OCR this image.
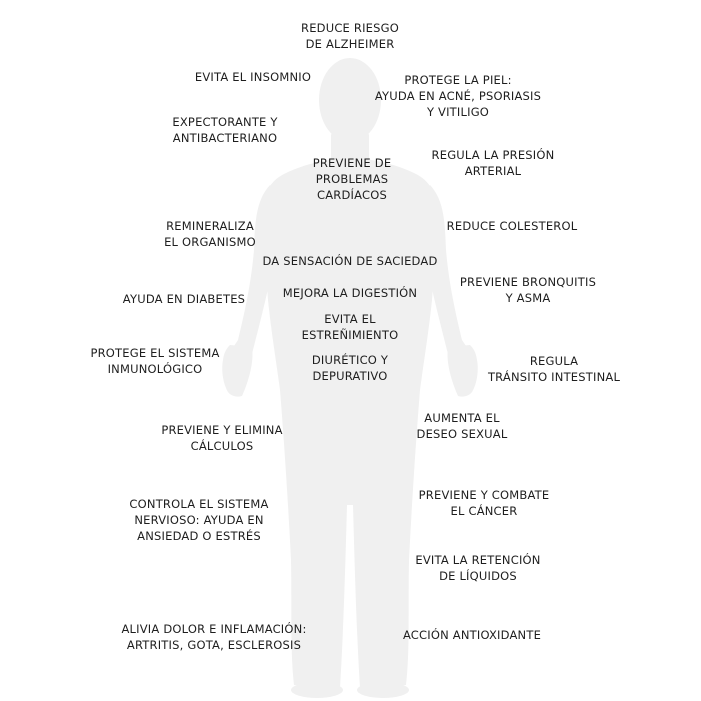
REDUCE RIESGO
DE ALZHEIMER
EVITA EL INSOMNIO	PROTEGE LA PIEL:
AYUDA EN ACNÉ, PSORIASIS
Y VITILIGO
EXPECTORANTE Y
ANTIBACTERIANO
PREVIENE DE
PROBLEMAS
CARDÍACOS
REGULA LA PRESIÓN
ARTERIAL
REMINERALIZA
EL ORGANISMO
REDUCE COLESTEROL
DA SENSACIÓN DE SACIEDAD
PREVIENE BRONQUITIS
Y ASMA
AYUDA EN DIABETES	MEJORA LA DIGESTIÓN
EVITA EL
ESTREÑIMIENTO
PROTEGE EL SISTEMA
INMUNOLÓGICO
DIURÉTICO Y
DEPURATIVO
REGULA
TRÁNSITO INTESTINAL
AUMENTA EL
DESEO SEXUAL
PREVIENE Y ELIMINA
CÁLCULOS
CONTROLA EL SISTEMA
NERVIOSO: AYUDA EN
ANSIEDAD O ESTRÉS
PREVIENE Y COMBATE
EL CÁNCER
EVITA LA RETENCIÓN
DE LÍQUIDOS
ALIVIA DOLOR E INFLAMACIÓN:
ARTRITIS, GOTA, ESCLEROSIS
ACCIÓN ANTIOXIDANTE
